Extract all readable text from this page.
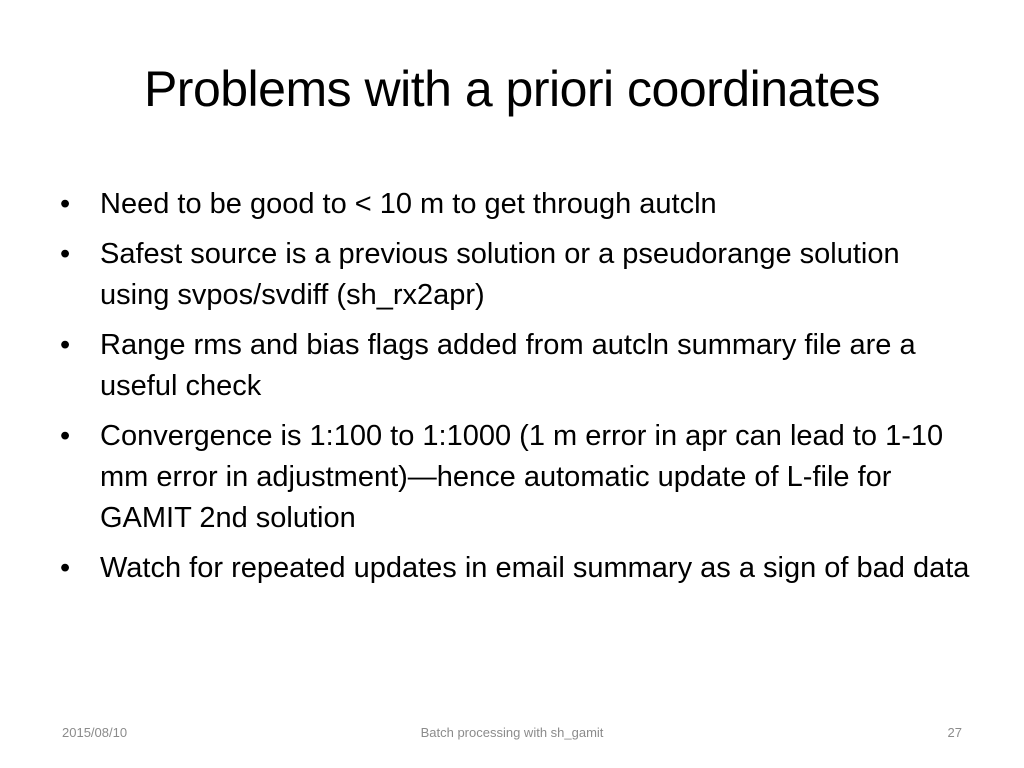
Problems with a priori coordinates
• Need to be good to < 10 m to get through autcln
• Safest source is a previous solution or a pseudorange solution using svpos/svdiff (sh_rx2apr)
• Range rms and bias flags added from autcln summary file are a useful check
• Convergence is 1:100 to 1:1000 (1 m error in apr can lead to 1-10 mm error in adjustment)—hence automatic update of L-file for GAMIT 2nd solution
• Watch for repeated updates in email summary as a sign of bad data
2015/08/10	Batch processing with sh_gamit	27
